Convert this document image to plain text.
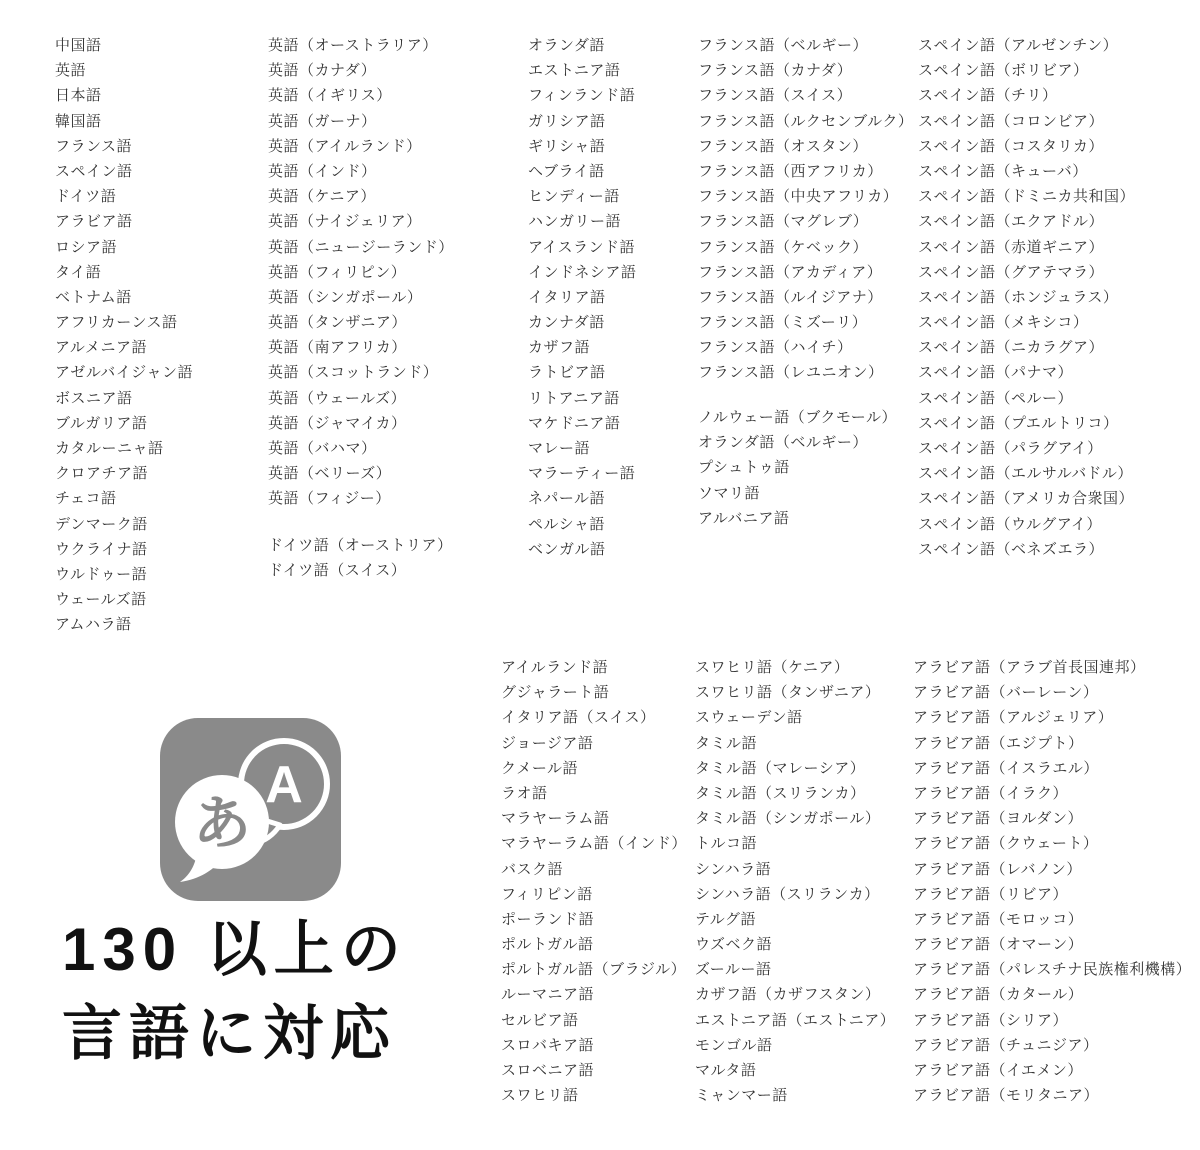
中国語
英語
日本語
韓国語
フランス語
スペイン語
ドイツ語
アラビア語
ロシア語
タイ語
ベトナム語
アフリカーンス語
アルメニア語
アゼルバイジャン語
ボスニア語
ブルガリア語
カタルーニャ語
クロアチア語
チェコ語
デンマーク語
ウクライナ語
ウルドゥー語
ウェールズ語
アムハラ語
英語（オーストラリア）
英語（カナダ）
英語（イギリス）
英語（ガーナ）
英語（アイルランド）
英語（インド）
英語（ケニア）
英語（ナイジェリア）
英語（ニュージーランド）
英語（フィリピン）
英語（シンガポール）
英語（タンザニア）
英語（南アフリカ）
英語（スコットランド）
英語（ウェールズ）
英語（ジャマイカ）
英語（バハマ）
英語（ベリーズ）
英語（フィジー）
ドイツ語（オーストリア）
ドイツ語（スイス）
オランダ語
エストニア語
フィンランド語
ガリシア語
ギリシャ語
ヘブライ語
ヒンディー語
ハンガリー語
アイスランド語
インドネシア語
イタリア語
カンナダ語
カザフ語
ラトビア語
リトアニア語
マケドニア語
マレー語
マラーティー語
ネパール語
ペルシャ語
ベンガル語
フランス語（ベルギー）
フランス語（カナダ）
フランス語（スイス）
フランス語（ルクセンブルク）
フランス語（オスタン）
フランス語（西アフリカ）
フランス語（中央アフリカ）
フランス語（マグレブ）
フランス語（ケベック）
フランス語（アカディア）
フランス語（ルイジアナ）
フランス語（ミズーリ）
フランス語（ハイチ）
フランス語（レユニオン）
ノルウェー語（ブクモール）
オランダ語（ベルギー）
プシュトゥ語
ソマリ語
アルバニア語
スペイン語（アルゼンチン）
スペイン語（ボリビア）
スペイン語（チリ）
スペイン語（コロンビア）
スペイン語（コスタリカ）
スペイン語（キューバ）
スペイン語（ドミニカ共和国）
スペイン語（エクアドル）
スペイン語（赤道ギニア）
スペイン語（グアテマラ）
スペイン語（ホンジュラス）
スペイン語（メキシコ）
スペイン語（ニカラグア）
スペイン語（パナマ）
スペイン語（ペルー）
スペイン語（プエルトリコ）
スペイン語（パラグアイ）
スペイン語（エルサルバドル）
スペイン語（アメリカ合衆国）
スペイン語（ウルグアイ）
スペイン語（ベネズエラ）
アイルランド語
グジャラート語
イタリア語（スイス）
ジョージア語
クメール語
ラオ語
マラヤーラム語
マラヤーラム語（インド）
バスク語
フィリピン語
ポーランド語
ポルトガル語
ポルトガル語（ブラジル）
ルーマニア語
セルビア語
スロバキア語
スロベニア語
スワヒリ語
スワヒリ語（ケニア）
スワヒリ語（タンザニア）
スウェーデン語
タミル語
タミル語（マレーシア）
タミル語（スリランカ）
タミル語（シンガポール）
トルコ語
シンハラ語
シンハラ語（スリランカ）
テルグ語
ウズベク語
ズールー語
カザフ語（カザフスタン）
エストニア語（エストニア）
モンゴル語
マルタ語
ミャンマー語
アラビア語（アラブ首長国連邦）
アラビア語（バーレーン）
アラビア語（アルジェリア）
アラビア語（エジプト）
アラビア語（イスラエル）
アラビア語（イラク）
アラビア語（ヨルダン）
アラビア語（クウェート）
アラビア語（レバノン）
アラビア語（リビア）
アラビア語（モロッコ）
アラビア語（オマーン）
アラビア語（パレスチナ民族権利機構）
アラビア語（カタール）
アラビア語（シリア）
アラビア語（チュニジア）
アラビア語（イエメン）
アラビア語（モリタニア）
A
あ
130 以上の
言語に対応
